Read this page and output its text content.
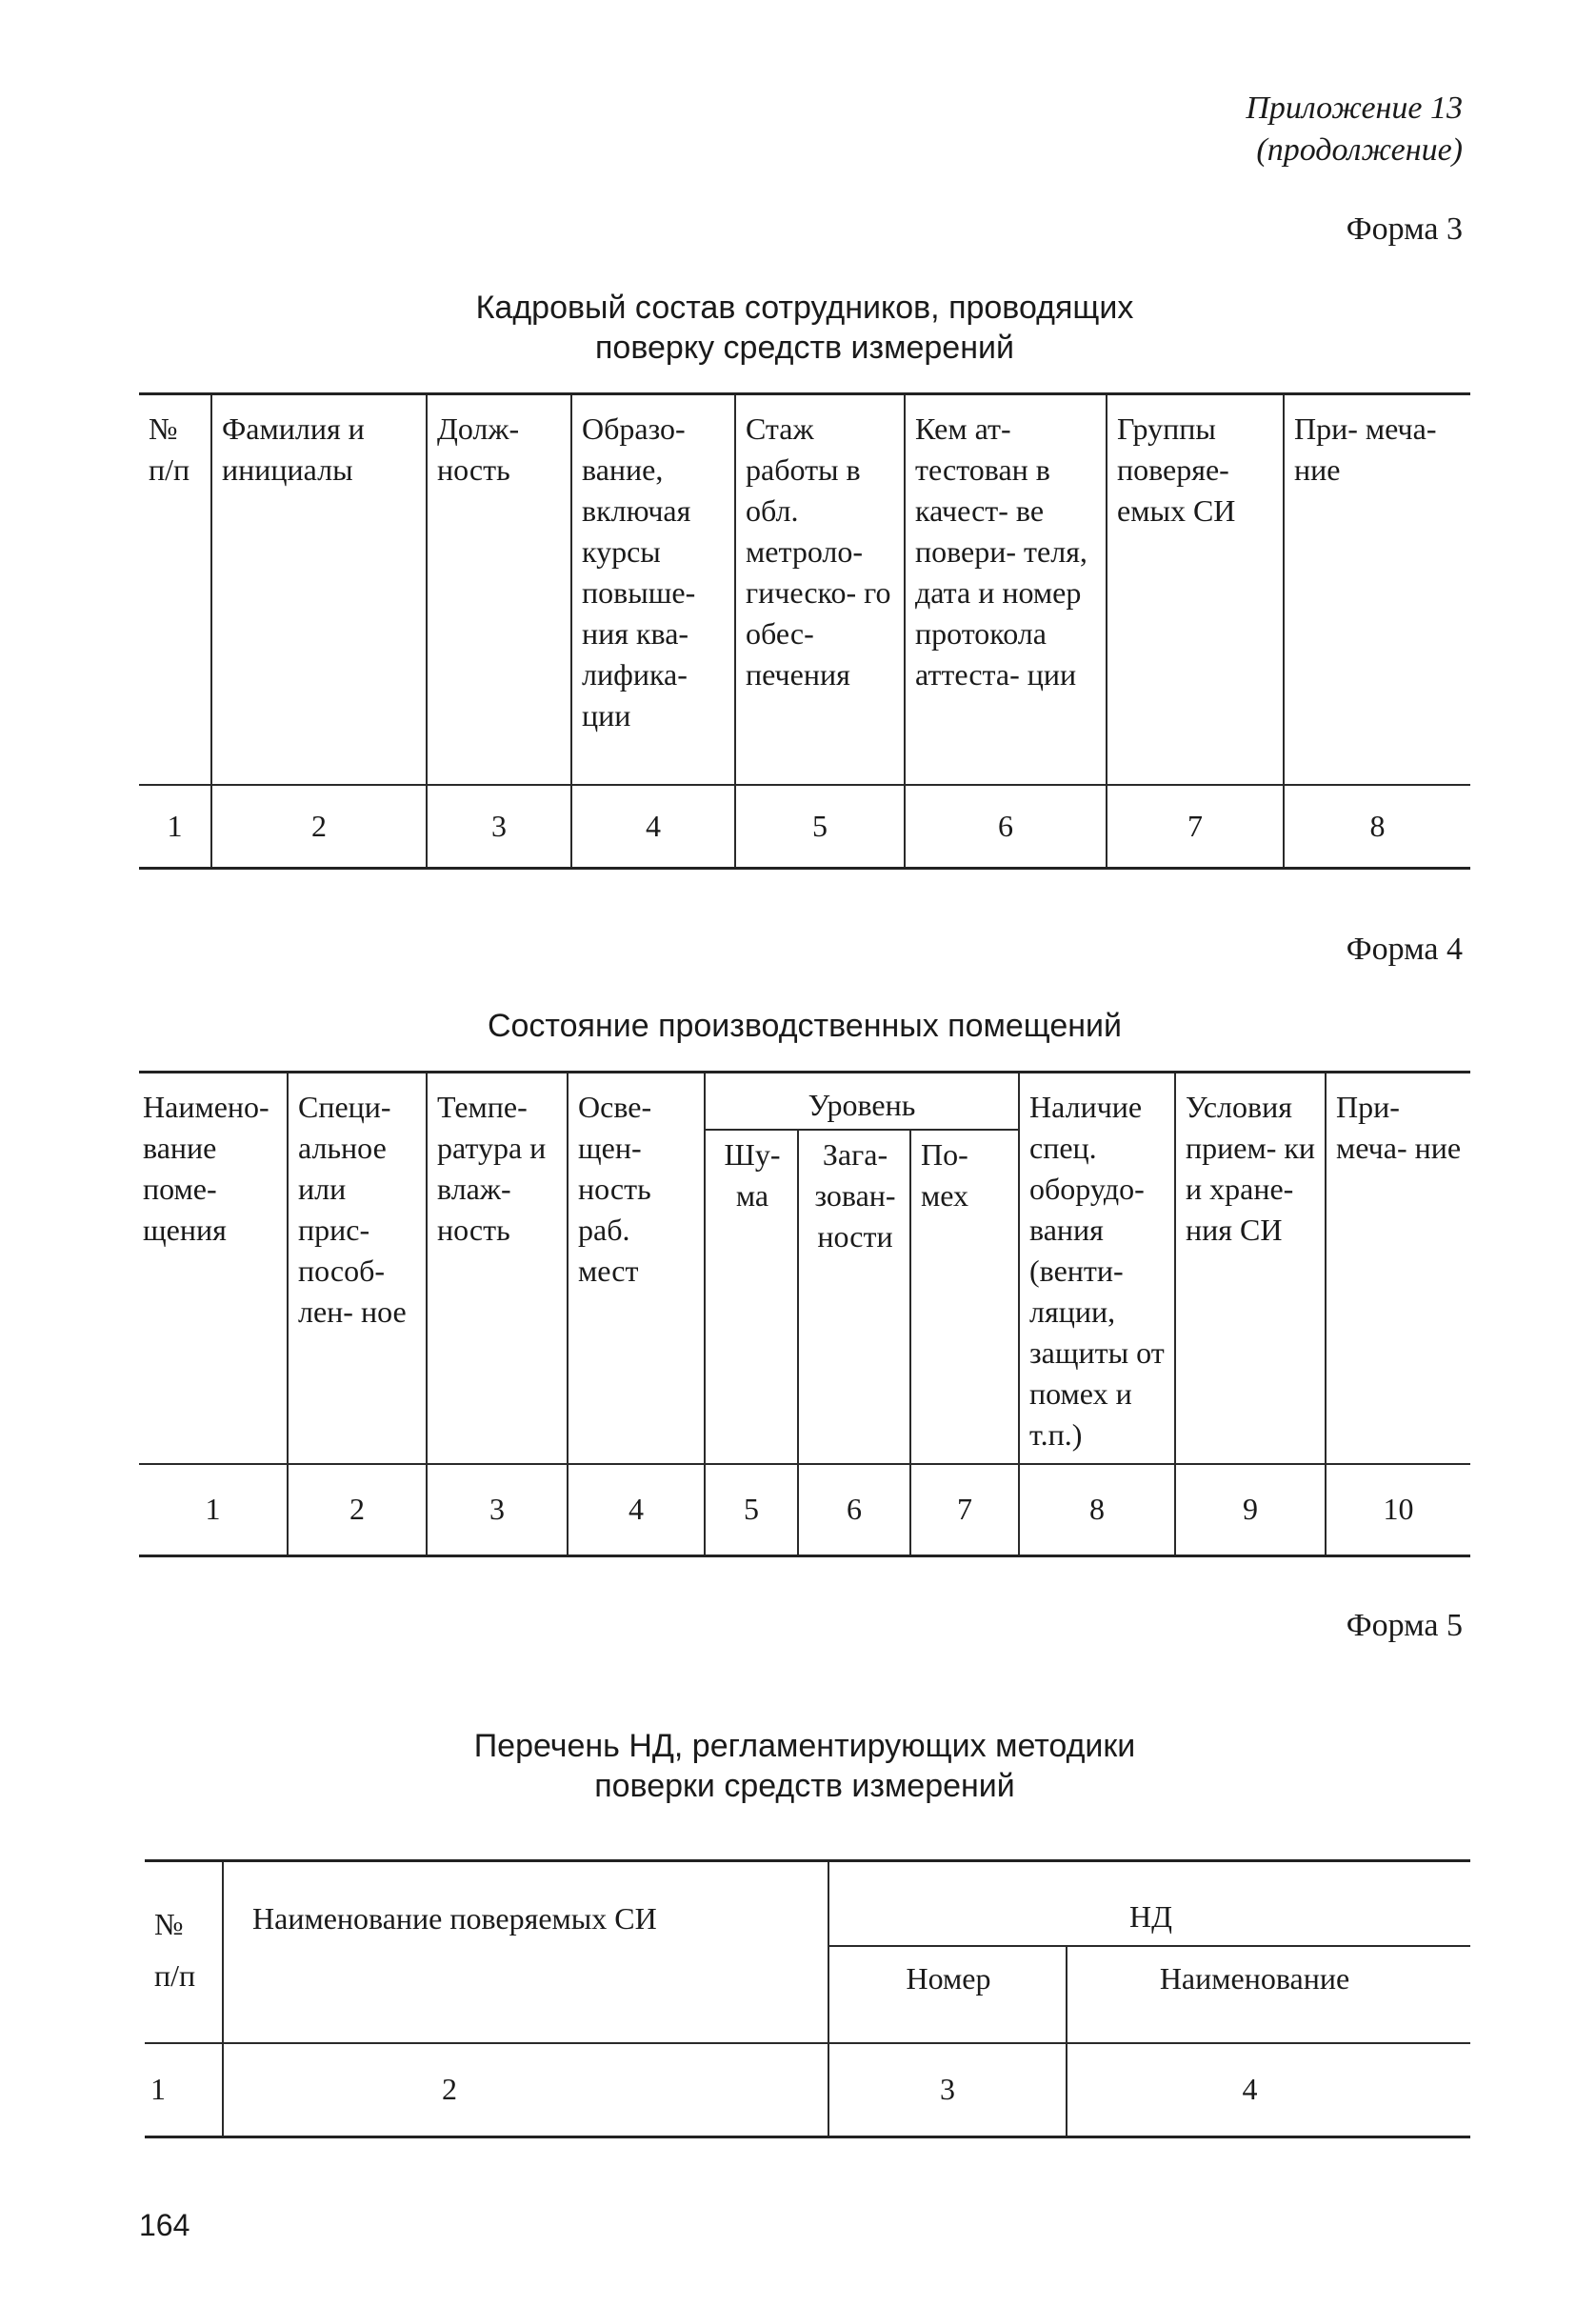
Приложение 13
(продолжение)
Форма 3
Кадровый состав сотрудников, проводящих
поверку средств измерений
№ п/п	Фамилия и инициалы	Долж- ность	Образо- вание, включая курсы повыше- ния ква- лифика- ции	Стаж работы в обл. метроло- гическо- го обес- печения	Кем ат- тестован в качест- ве повери- теля, дата и номер протокола аттеста- ции	Группы поверяе- емых СИ	При- меча- ние
1	2	3	4	5	6	7	8
Форма 4
Состояние производственных помещений
Наимено- вание поме- щения	Специ- альное или прис- пособ- лен- ное	Темпе- ратура и влаж- ность	Осве- щен- ность раб. мест	Уровень			Наличие спец. оборудо- вания (венти- ляции, защиты от помех и т.п.)	Условия прием- ки и хране- ния СИ	При- меча- ние
				Шу- ма	Зага- зован- ности	По- мех			
1	2	3	4	5	6	7	8	9	10
Форма 5
Перечень НД, регламентирующих методики
поверки средств измерений
№ п/п	Наименование поверяемых СИ	НД	
		Номер	Наименование
1	2	3	4
164
